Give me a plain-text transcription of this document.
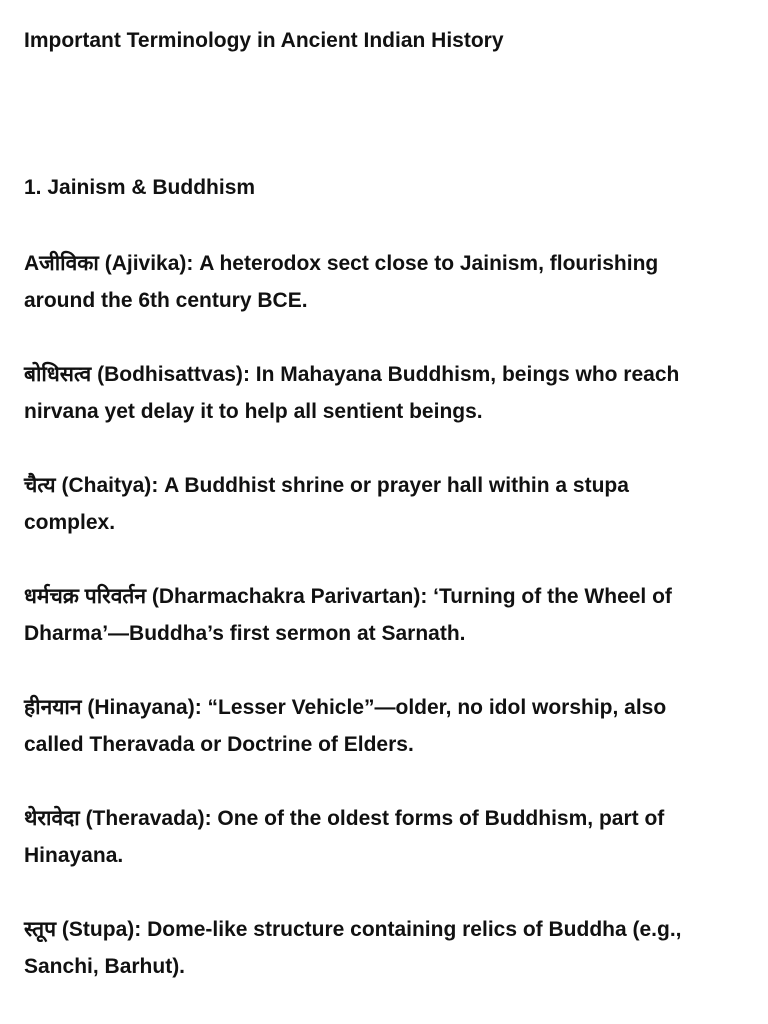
Important Terminology in Ancient Indian History
1. Jainism & Buddhism

Aजीविका (Ajivika): A heterodox sect close to Jainism, flourishing around the 6th century BCE.

बोधिसत्व (Bodhisattvas): In Mahayana Buddhism, beings who reach nirvana yet delay it to help all sentient beings.

चैत्य (Chaitya): A Buddhist shrine or prayer hall within a stupa complex.

धर्मचक्र परिवर्तन (Dharmachakra Parivartan): ‘Turning of the Wheel of Dharma’—Buddha’s first sermon at Sarnath.

हीनयान (Hinayana): “Lesser Vehicle”—older, no idol worship, also called Theravada or Doctrine of Elders.

थेरावेदा (Theravada): One of the oldest forms of Buddhism, part of Hinayana.

स्तूप (Stupa): Dome-like structure containing relics of Buddha (e.g., Sanchi, Barhut).
